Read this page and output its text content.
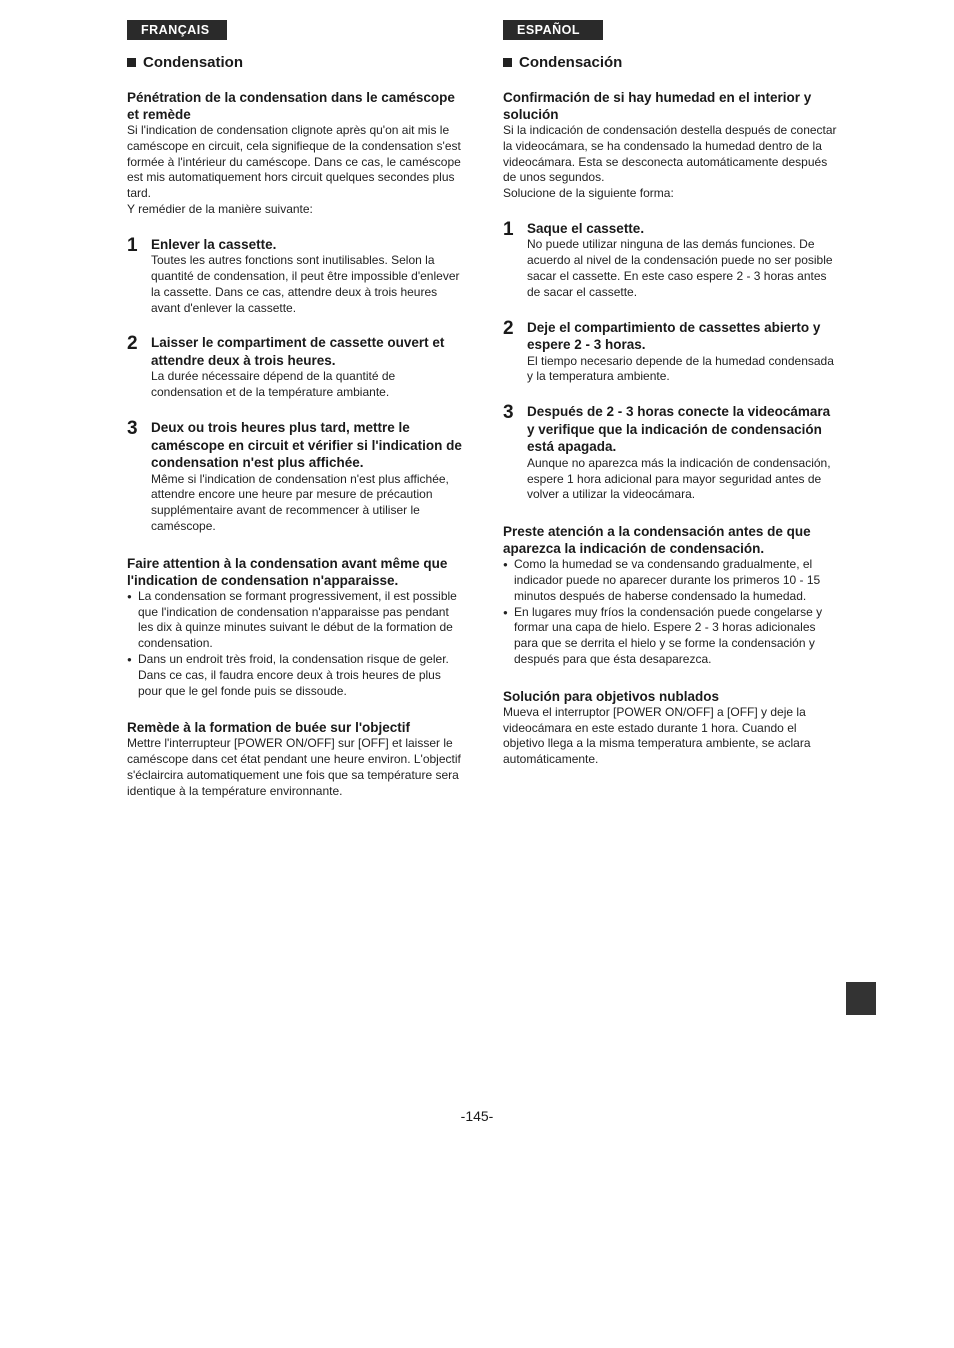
FRANÇAIS
Condensation

Pénétration de la condensation dans le caméscope et remède

Si l'indication de condensation clignote après qu'on ait mis le caméscope en circuit, cela signifieque de la condensation s'est formée à l'intérieur du caméscope. Dans ce cas, le caméscope est mis automatiquement hors circuit quelques secondes plus tard.

Y remédier de la manière suivante:

1 Enlever la cassette.

Toutes les autres fonctions sont inutilisables. Selon la quantité de condensation, il peut être impossible d'enlever la cassette. Dans ce cas, attendre deux à trois heures avant d'enlever la cassette.

2 Laisser le compartiment de cassette ouvert et attendre deux à trois heures.

La durée nécessaire dépend de la quantité de condensation et de la température ambiante.

3 Deux ou trois heures plus tard, mettre le caméscope en circuit et vérifier si l'indication de condensation n'est plus affichée.

Même si l'indication de condensation n'est plus affichée, attendre encore une heure par mesure de précaution supplémentaire avant de recommencer à utiliser le caméscope.

Faire attention à la condensation avant même que l'indication de condensation n'apparaisse.

● La condensation se formant progressivement, il est possible que l'indication de condensation n'apparaisse pas pendant les dix à quinze minutes suivant le début de la formation de condensation.
● Dans un endroit très froid, la condensation risque de geler. Dans ce cas, il faudra encore deux à trois heures de plus pour que le gel fonde puis se dissoude.

Remède à la formation de buée sur l'objectif

Mettre l'interrupteur [POWER ON/OFF] sur [OFF] et laisser le caméscope dans cet état pendant une heure environ. L'objectif s'éclaircira automatiquement une fois que sa température sera identique à la température environnante.

ESPAÑOL
Condensación

Confirmación de si hay humedad en el interior y solución

Si la indicación de condensación destella después de conectar la videocámara, se ha condensado la humedad dentro de la videocámara. Esta se desconecta automáticamente después de unos segundos.

Solucione de la siguiente forma:

1 Saque el cassette.

No puede utilizar ninguna de las demás funciones. De acuerdo al nivel de la condensación puede no ser posible sacar el cassette. En este caso espere 2 - 3 horas antes de sacar el cassette.

2 Deje el compartimiento de cassettes abierto y espere 2 - 3 horas.

El tiempo necesario depende de la humedad condensada y la temperatura ambiente.

3 Después de 2 - 3 horas conecte la videocámara y verifique que la indicación de condensación está apagada.

Aunque no aparezca más la indicación de condensación, espere 1 hora adicional para mayor seguridad antes de volver a utilizar la videocámara.

Preste atención a la condensación antes de que aparezca la indicación de condensación.

● Como la humedad se va condensando gradualmente, el indicador puede no aparecer durante los primeros 10 - 15 minutos después de haberse condensado la humedad.
● En lugares muy fríos la condensación puede congelarse y formar una capa de hielo. Espere 2 - 3 horas adicionales para que se derrita el hielo y se forme la condensación y después para que ésta desaparezca.

Solución para objetivos nublados

Mueva el interruptor [POWER ON/OFF] a [OFF] y deje la videocámara en este estado durante 1 hora. Cuando el objetivo llega a la misma temperatura ambiente, se aclara automáticamente.

-145-
